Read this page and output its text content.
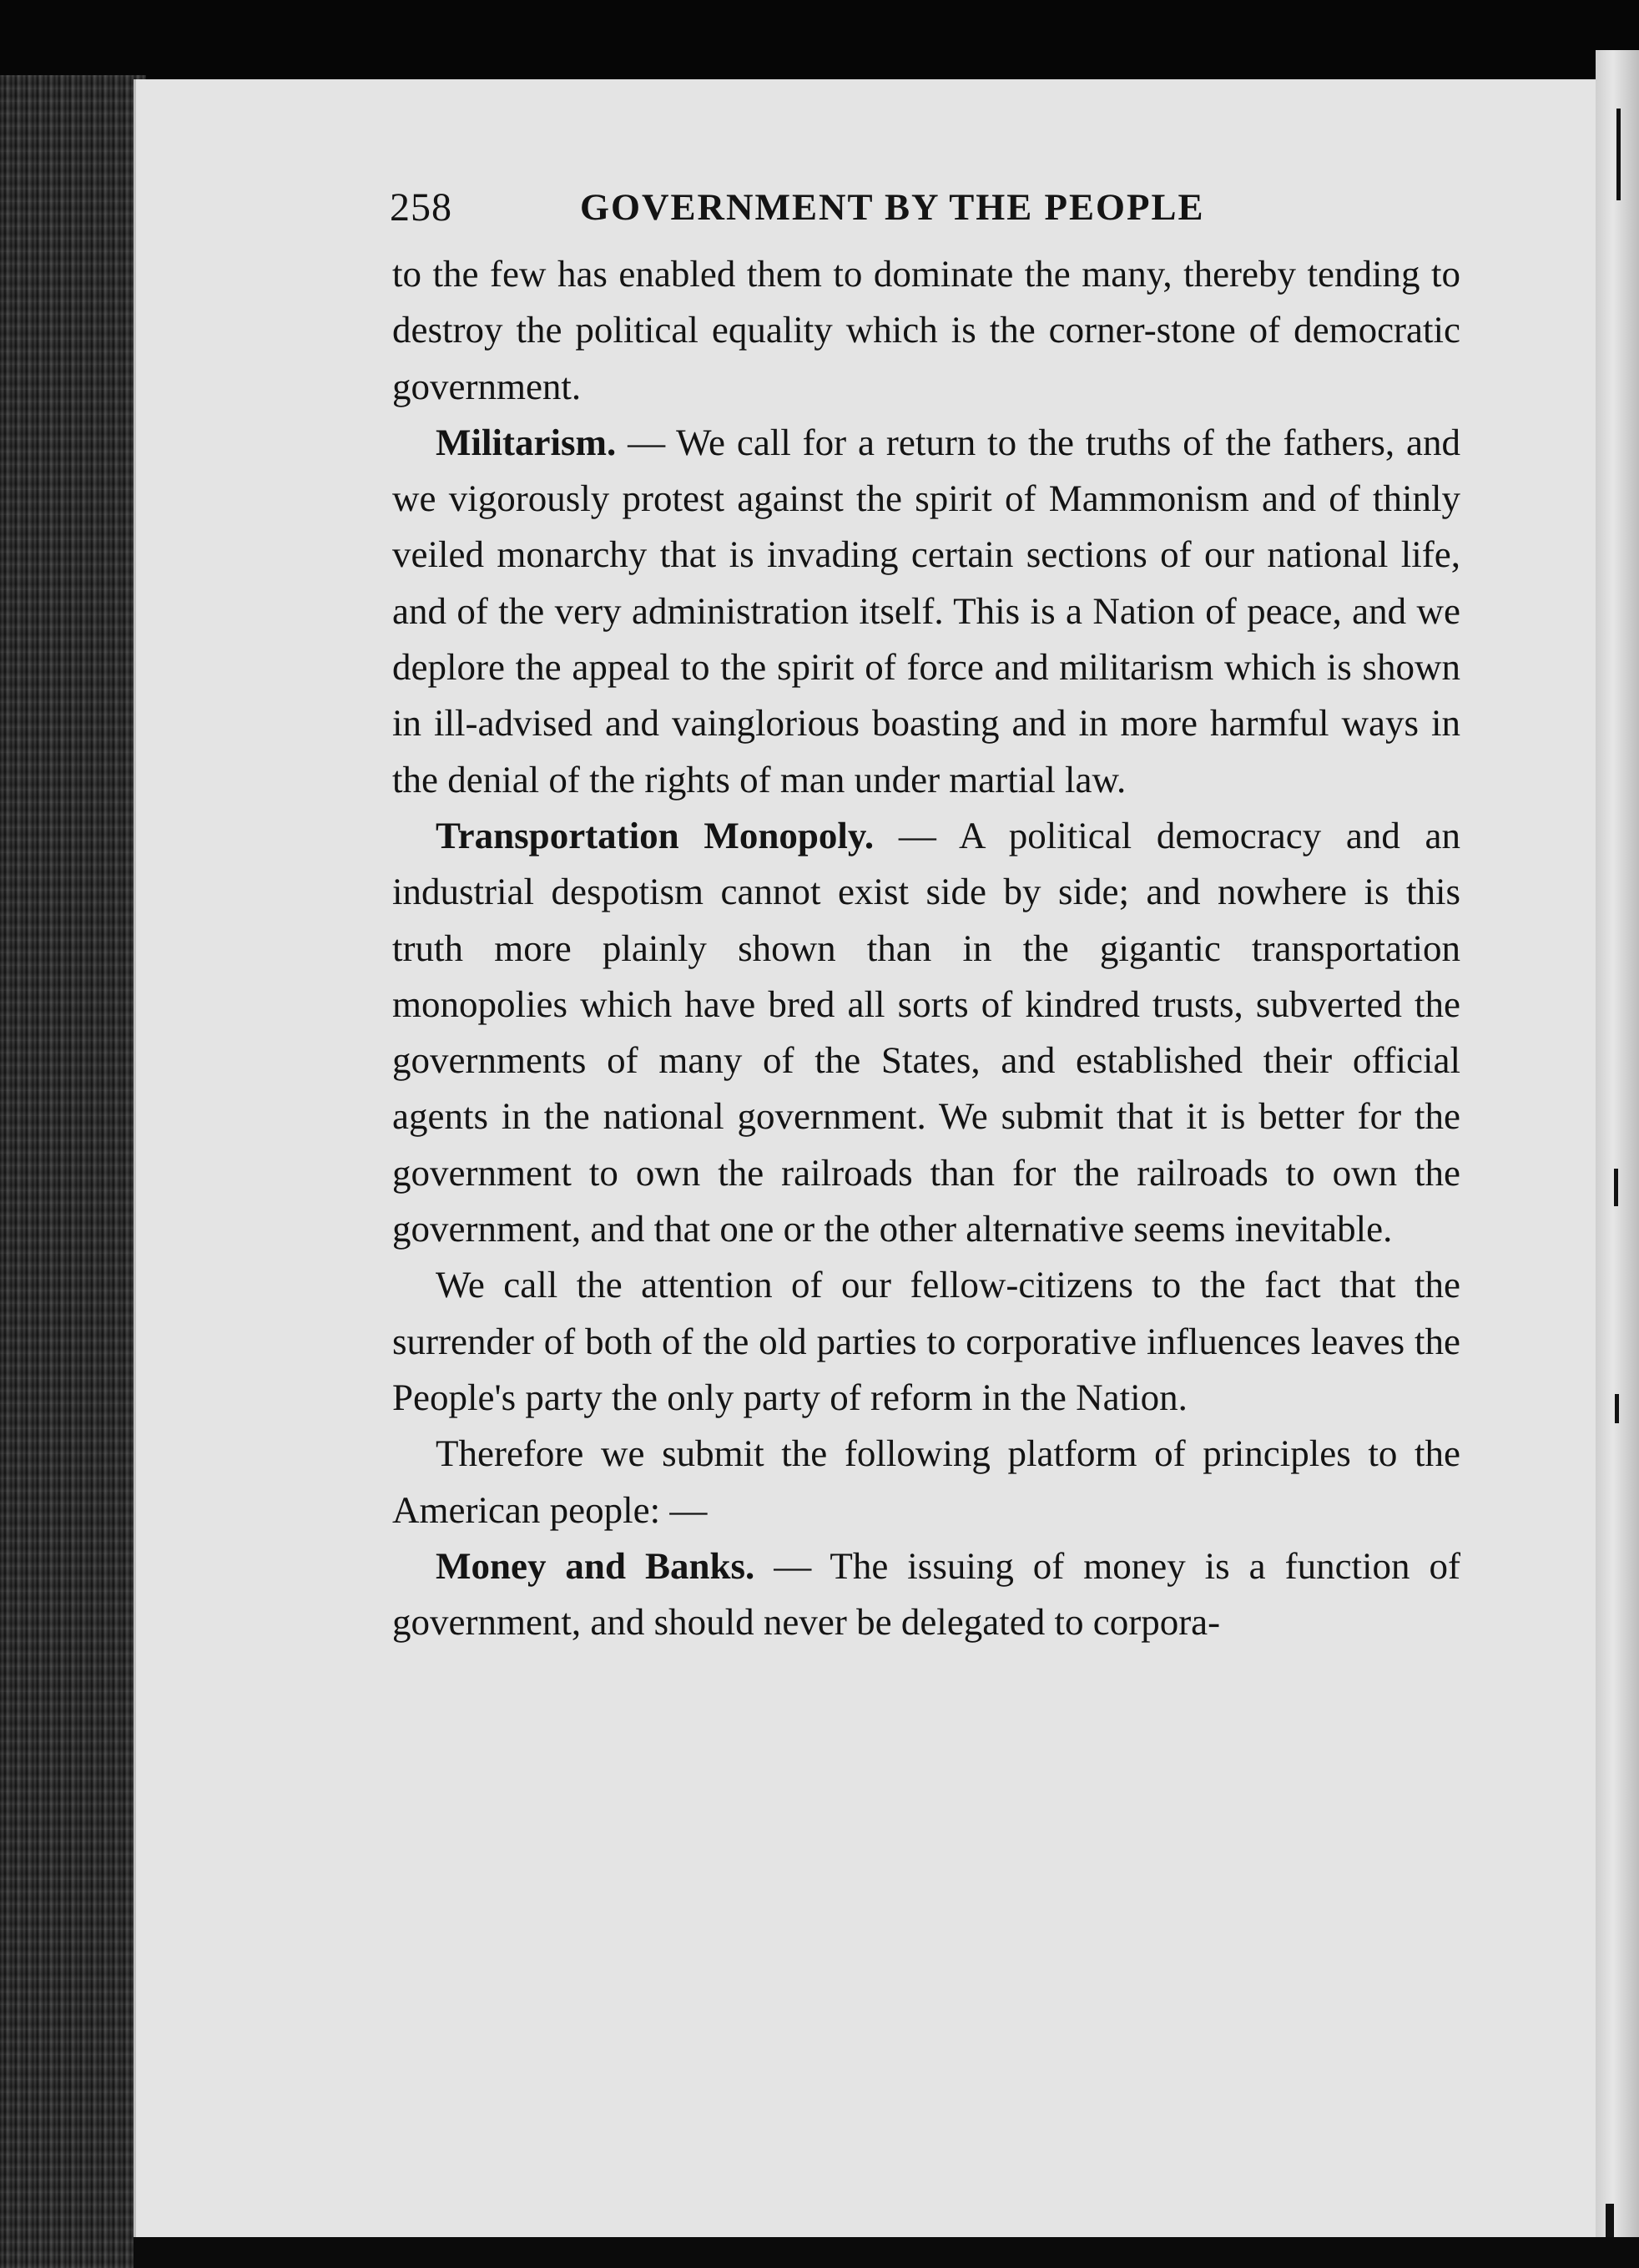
258	GOVERNMENT BY THE PEOPLE

to the few has enabled them to dominate the many, thereby tending to destroy the political equality which is the corner-stone of democratic government.

Militarism. — We call for a return to the truths of the fathers, and we vigorously protest against the spirit of Mammonism and of thinly veiled monarchy that is invading certain sections of our national life, and of the very administration itself. This is a Nation of peace, and we deplore the appeal to the spirit of force and militarism which is shown in ill-advised and vainglorious boasting and in more harmful ways in the denial of the rights of man under martial law.

Transportation Monopoly. — A political democracy and an industrial despotism cannot exist side by side; and nowhere is this truth more plainly shown than in the gigantic transportation monopolies which have bred all sorts of kindred trusts, subverted the governments of many of the States, and established their official agents in the national government. We submit that it is better for the government to own the railroads than for the railroads to own the government, and that one or the other alternative seems inevitable.

We call the attention of our fellow-citizens to the fact that the surrender of both of the old parties to corporative influences leaves the People's party the only party of reform in the Nation.

Therefore we submit the following platform of principles to the American people: —

Money and Banks. — The issuing of money is a function of government, and should never be delegated to corpora-
